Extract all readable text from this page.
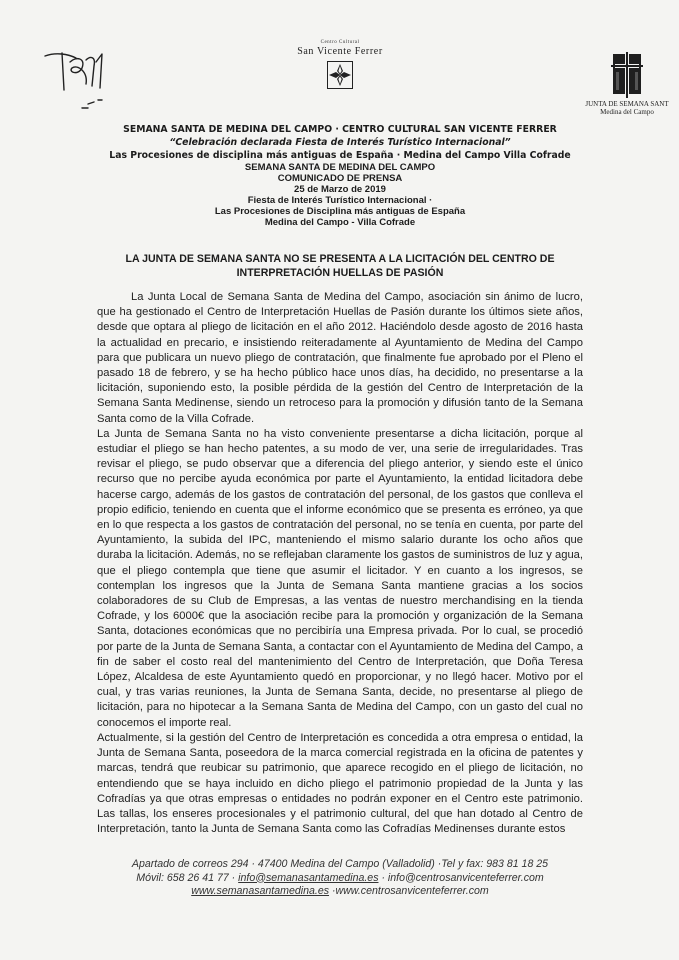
Centro Cultural
San Vicente Ferrer
JUNTA DE SEMANA SANT
Medina del Campo
SEMANA SANTA DE MEDINA DEL CAMPO · CENTRO CULTURAL SAN VICENTE FERRER
“Celebración declarada Fiesta de Interés Turístico Internacional”
Las Procesiones de disciplina más antiguas de España · Medina del Campo Villa Cofrade
SEMANA SANTA DE MEDINA DEL CAMPO
COMUNICADO DE PRENSA
25 de Marzo de 2019
Fiesta de Interés Turístico Internacional ·
Las Procesiones de Disciplina más antiguas de España
Medina del Campo - Villa Cofrade
LA JUNTA DE SEMANA SANTA NO SE PRESENTA A LA LICITACIÓN DEL CENTRO DE
INTERPRETACIÓN HUELLAS DE PASIÓN

La Junta Local de Semana Santa de Medina del Campo, asociación sin ánimo de lucro, que ha gestionado el Centro de Interpretación Huellas de Pasión durante los últimos siete años, desde que optara al pliego de licitación en el año 2012. Haciéndolo desde agosto de 2016 hasta la actualidad en precario, e insistiendo reiteradamente al Ayuntamiento de Medina del Campo para que publicara un nuevo pliego de contratación, que finalmente fue aprobado por el Pleno el pasado 18 de febrero, y se ha hecho público hace unos días, ha decidido, no presentarse a la licitación, suponiendo esto, la posible pérdida de la gestión del Centro de Interpretación de la Semana Santa Medinense, siendo un retroceso para la promoción y difusión tanto de la Semana Santa como de la Villa Cofrade.

La Junta de Semana Santa no ha visto conveniente presentarse a dicha licitación, porque al estudiar el pliego se han hecho patentes, a su modo de ver, una serie de irregularidades. Tras revisar el pliego, se pudo observar que a diferencia del pliego anterior, y siendo este el único recurso que no percibe ayuda económica por parte el Ayuntamiento, la entidad licitadora debe hacerse cargo, además de los gastos de contratación del personal, de los gastos que conlleva el propio edificio, teniendo en cuenta que el informe económico que se presenta es erróneo, ya que en lo que respecta a los gastos de contratación del personal, no se tenía en cuenta, por parte del Ayuntamiento, la subida del IPC, manteniendo el mismo salario durante los ocho años que duraba la licitación. Además, no se reflejaban claramente los gastos de suministros de luz y agua, que el pliego contempla que tiene que asumir el licitador. Y en cuanto a los ingresos, se contemplan los ingresos que la Junta de Semana Santa mantiene gracias a los socios colaboradores de su Club de Empresas, a las ventas de nuestro merchandising en la tienda Cofrade, y los 6000€ que la asociación recibe para la promoción y organización de la Semana Santa, dotaciones económicas que no percibiría una Empresa privada. Por lo cual, se procedió por parte de la Junta de Semana Santa, a contactar con el Ayuntamiento de Medina del Campo, a fin de saber el costo real del mantenimiento del Centro de Interpretación, que Doña Teresa López, Alcaldesa de este Ayuntamiento quedó en proporcionar, y no llegó hacer. Motivo por el cual, y tras varias reuniones, la Junta de Semana Santa, decide, no presentarse al pliego de licitación, para no hipotecar a la Semana Santa de Medina del Campo, con un gasto del cual no conocemos el importe real.

Actualmente, si la gestión del Centro de Interpretación es concedida a otra empresa o entidad, la Junta de Semana Santa, poseedora de la marca comercial registrada en la oficina de patentes y marcas, tendrá que reubicar su patrimonio, que aparece recogido en el pliego de licitación, no entendiendo que se haya incluido en dicho pliego el patrimonio propiedad de la Junta y las Cofradías ya que otras empresas o entidades no podrán exponer en el Centro este patrimonio. Las tallas, los enseres procesionales y el patrimonio cultural, del que han dotado al Centro de Interpretación, tanto la Junta de Semana Santa como las Cofradías Medinenses durante estos

Apartado de correos 294 · 47400 Medina del Campo (Valladolid) ·Tel y fax: 983 81 18 25
Móvil: 658 26 41 77 · info@semanasantamedina.es · info@centrosanvicenteferrer.com
www.semanasantamedina.es ·www.centrosanvicenteferrer.com
